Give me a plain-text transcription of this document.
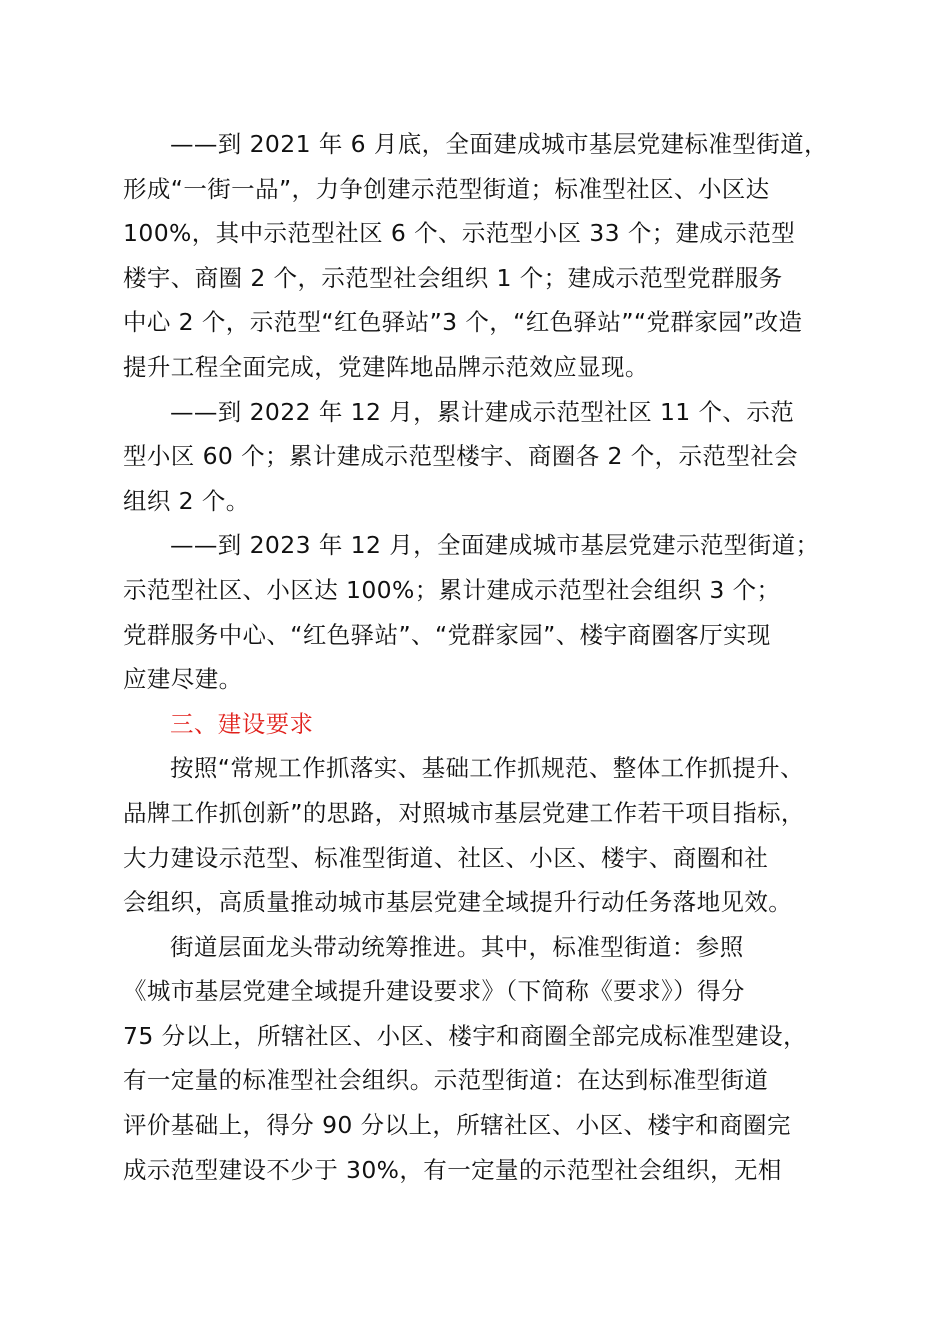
——到 2021 年 6 月底，全面建成城市基层党建标准型街道，
形成“一街一品”，力争创建示范型街道；标准型社区、小区达
100%，其中示范型社区 6 个、示范型小区 33 个；建成示范型
楼宇、商圈 2 个，示范型社会组织 1 个；建成示范型党群服务
中心 2 个，示范型“红色驿站”3 个，“红色驿站”“党群家园”改造
提升工程全面完成，党建阵地品牌示范效应显现。

——到 2022 年 12 月，累计建成示范型社区 11 个、示范
型小区 60 个；累计建成示范型楼宇、商圈各 2 个，示范型社会
组织 2 个。

——到 2023 年 12 月，全面建成城市基层党建示范型街道；
示范型社区、小区达 100%；累计建成示范型社会组织 3 个；
党群服务中心、“红色驿站”、“党群家园”、楼宇商圈客厅实现
应建尽建。

三、建设要求

按照“常规工作抓落实、基础工作抓规范、整体工作抓提升、
品牌工作抓创新”的思路，对照城市基层党建工作若干项目指标，
大力建设示范型、标准型街道、社区、小区、楼宇、商圈和社
会组织，高质量推动城市基层党建全域提升行动任务落地见效。

街道层面龙头带动统筹推进。其中，标准型街道：参照
《城市基层党建全域提升建设要求》（下简称《要求》）得分
75 分以上，所辖社区、小区、楼宇和商圈全部完成标准型建设，
有一定量的标准型社会组织。示范型街道：在达到标准型街道
评价基础上，得分 90 分以上，所辖社区、小区、楼宇和商圈完
成示范型建设不少于 30%，有一定量的示范型社会组织，无相
